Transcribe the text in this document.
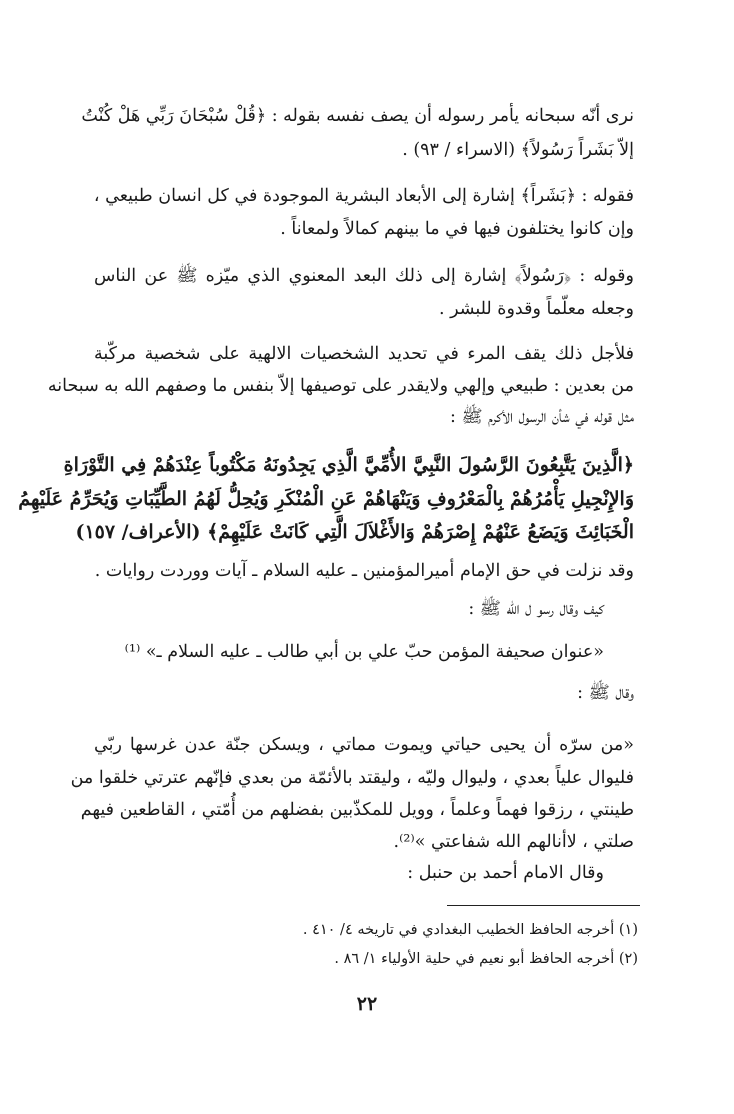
نرى أنّه سبحانه يأمر رسوله أن يصف نفسه بقوله : ﴿قُلْ سُبْحَانَ رَبِّي هَلْ كُنْتُ
إلاّ بَشَراً رَسُولاً﴾ (الاسراء / ٩٣) .
فقوله : ﴿بَشَراً﴾ إشارة إلى الأبعاد البشرية الموجودة في كل انسان طبيعي ،
وإن كانوا يختلفون فيها في ما بينهم كمالاً ولمعاناً .
وقوله : ﴿رَسُولاً﴾ إشارة إلى ذلك البعد المعنوي الذي ميّزه ﷺ عن الناس
وجعله معلّماً وقدوة للبشر .
فلأجل ذلك يقف المرء في تحديد الشخصيات الالهية على شخصية مركّبة
من بعدين : طبيعي وإلهي ولايقدر على توصيفها إلاّ بنفس ما وصفهم الله به سبحانه
مثل قوله في شأن الرسول الأكرم ﷺ :
﴿الَّذِينَ يَتَّبِعُونَ الرَّسُولَ النَّبِيَّ الأُمِّيَّ الَّذِي يَجِدُونَهُ مَكْتُوباً عِنْدَهُمْ فِي التَّوْرَاةِ
وَالإِنْجِيلِ يَأْمُرُهُمْ بِالْمَعْرُوفِ وَيَنْهَاهُمْ عَنِ الْمُنْكَرِ وَيُحِلُّ لَهُمُ الطَّيِّبَاتِ وَيُحَرِّمُ عَلَيْهِمُ
الْخَبَائِثَ وَيَضَعُ عَنْهُمْ إِصْرَهُمْ وَالأَغْلاَلَ الَّتِي كَانَتْ عَلَيْهِمْ﴾ (الأعراف/ ١٥٧)
وقد نزلت في حق الإمام أميرالمؤمنين ـ عليه السلام ـ آيات ووردت روايات .
كيف وقال رسو ل الله ﷺ :
«عنوان صحيفة المؤمن حبّ علي بن أبي طالب ـ عليه السلام ـ» ⁽¹⁾
وقال ﷺ :
«من سرّه أن يحيى حياتي ويموت مماتي ، ويسكن جنّة عدن غرسها ربّي
فليوال علياً بعدي ، وليوال وليّه ، وليقتد بالأئمّة من بعدي فإنّهم عترتي خلقوا من
طينتي ، رزقوا فهماً وعلماً ، وويل للمكذّبين بفضلهم من أُمّتي ، القاطعين فيهم
صلتي ، لاأنالهم الله شفاعتي »⁽²⁾.
وقال الامام أحمد بن حنبل :
(١) أخرجه الحافظ الخطيب البغدادي في تاريخه ٤/ ٤١٠ .
(٢) أخرجه الحافظ أبو نعيم في حلية الأولياء ١/ ٨٦ .
٢٢
